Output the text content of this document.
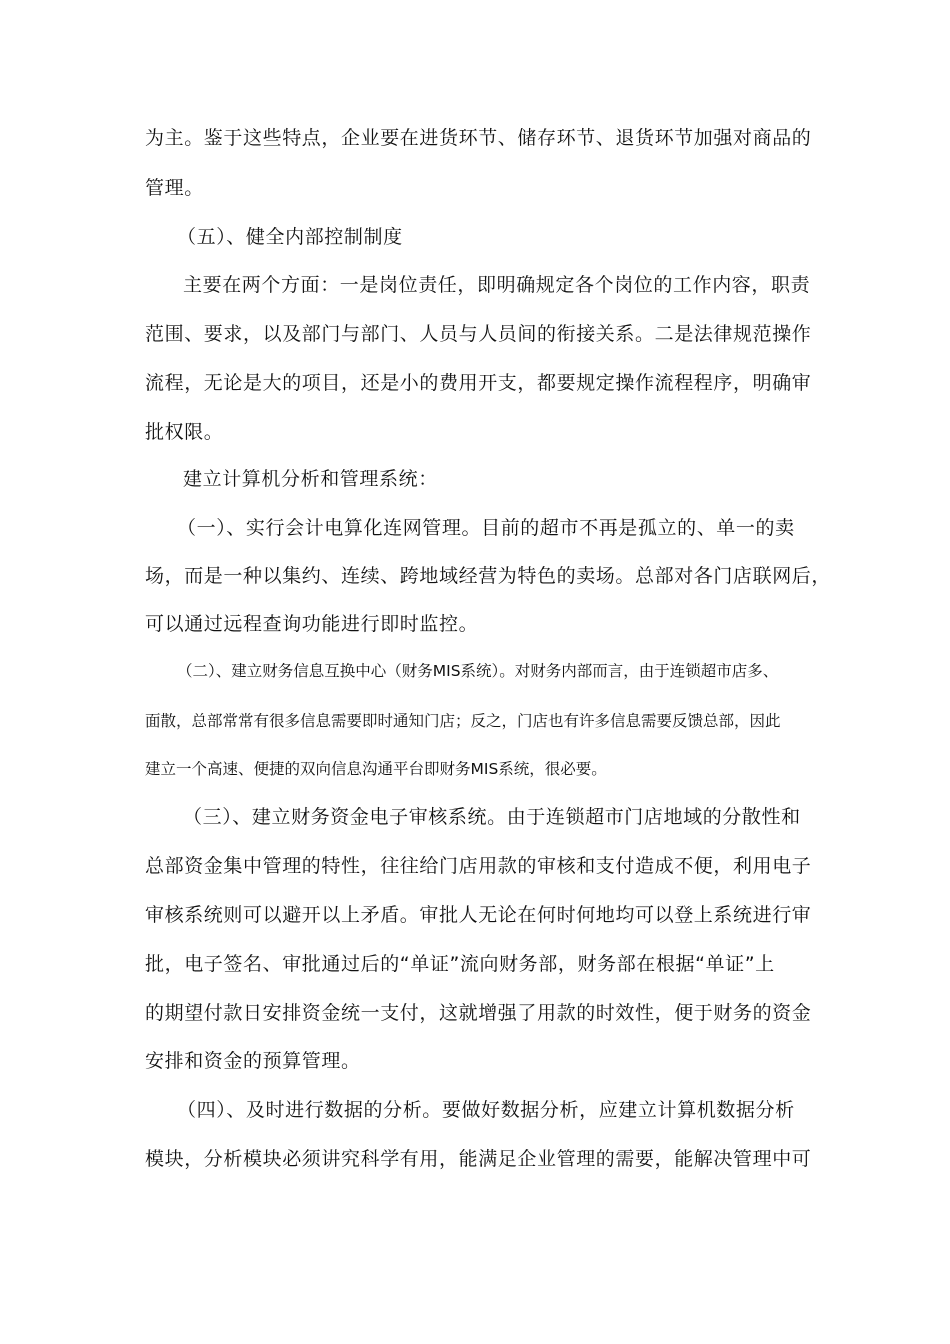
为主。鉴于这些特点，企业要在进货环节、储存环节、退货环节加强对商品的
管理。
（五）、健全内部控制制度
主要在两个方面：一是岗位责任，即明确规定各个岗位的工作内容，职责
范围、要求，以及部门与部门、人员与人员间的衔接关系。二是法律规范操作
流程，无论是大的项目，还是小的费用开支，都要规定操作流程程序，明确审
批权限。
建立计算机分析和管理系统：
（一）、实行会计电算化连网管理。目前的超市不再是孤立的、单一的卖
场，而是一种以集约、连续、跨地域经营为特色的卖场。总部对各门店联网后，
可以通过远程查询功能进行即时监控。
（二）、建立财务信息互换中心（财务MIS系统）。对财务内部而言，由于连锁超市店多、
面散，总部常常有很多信息需要即时通知门店；反之，门店也有许多信息需要反馈总部，因此
建立一个高速、便捷的双向信息沟通平台即财务MIS系统，很必要。
（三）、建立财务资金电子审核系统。由于连锁超市门店地域的分散性和
总部资金集中管理的特性，往往给门店用款的审核和支付造成不便，利用电子
审核系统则可以避开以上矛盾。审批人无论在何时何地均可以登上系统进行审
批，电子签名、审批通过后的“单证”流向财务部，财务部在根据“单证”上
的期望付款日安排资金统一支付，这就增强了用款的时效性，便于财务的资金
安排和资金的预算管理。
（四）、及时进行数据的分析。要做好数据分析，应建立计算机数据分析
模块，分析模块必须讲究科学有用，能满足企业管理的需要，能解决管理中可
